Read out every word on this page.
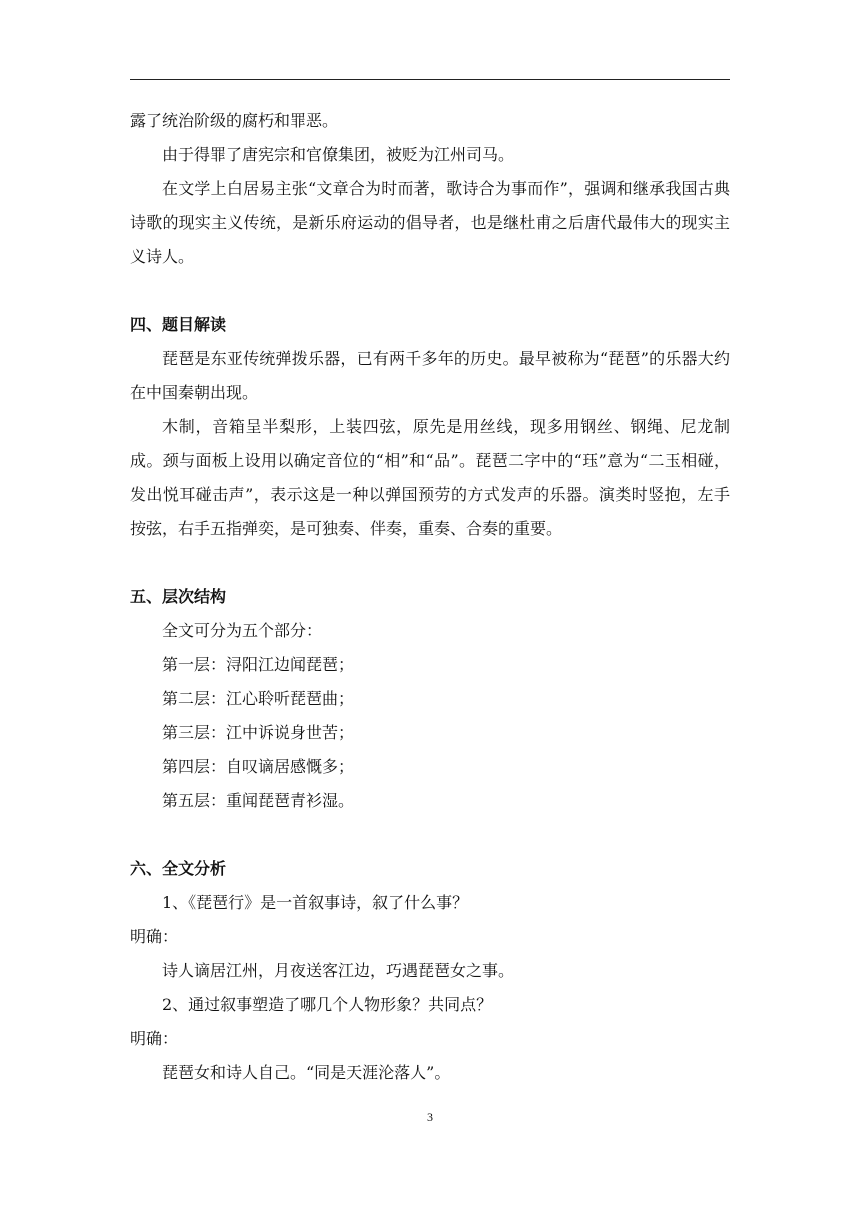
露了统治阶级的腐朽和罪恶。

由于得罪了唐宪宗和官僚集团，被贬为江州司马。

在文学上白居易主张“文章合为时而著，歌诗合为事而作”，强调和继承我国古典诗歌的现实主义传统，是新乐府运动的倡导者，也是继杜甫之后唐代最伟大的现实主义诗人。

四、题目解读

琵琶是东亚传统弹拨乐器，已有两千多年的历史。最早被称为“琵琶”的乐器大约在中国秦朝出现。

木制，音箱呈半梨形，上装四弦，原先是用丝线，现多用钢丝、钢绳、尼龙制成。颈与面板上设用以确定音位的“相”和“品”。琵琶二字中的“珏”意为“二玉相碰，发出悦耳碰击声”，表示这是一种以弹国预劳的方式发声的乐器。演类时竖抱，左手按弦，右手五指弹奕，是可独奏、伴奏，重奏、合奏的重要。

五、层次结构

全文可分为五个部分：

第一层：浔阳江边闻琵琶；

第二层：江心聆听琵琶曲；

第三层：江中诉说身世苦；

第四层：自叹谪居感慨多；

第五层：重闻琵琶青衫湿。

六、全文分析

1、《琵琶行》是一首叙事诗，叙了什么事？

明确：

诗人谪居江州，月夜送客江边，巧遇琵琶女之事。

2、通过叙事塑造了哪几个人物形象？共同点？

明确：

琵琶女和诗人自己。“同是天涯沦落人”。

3
